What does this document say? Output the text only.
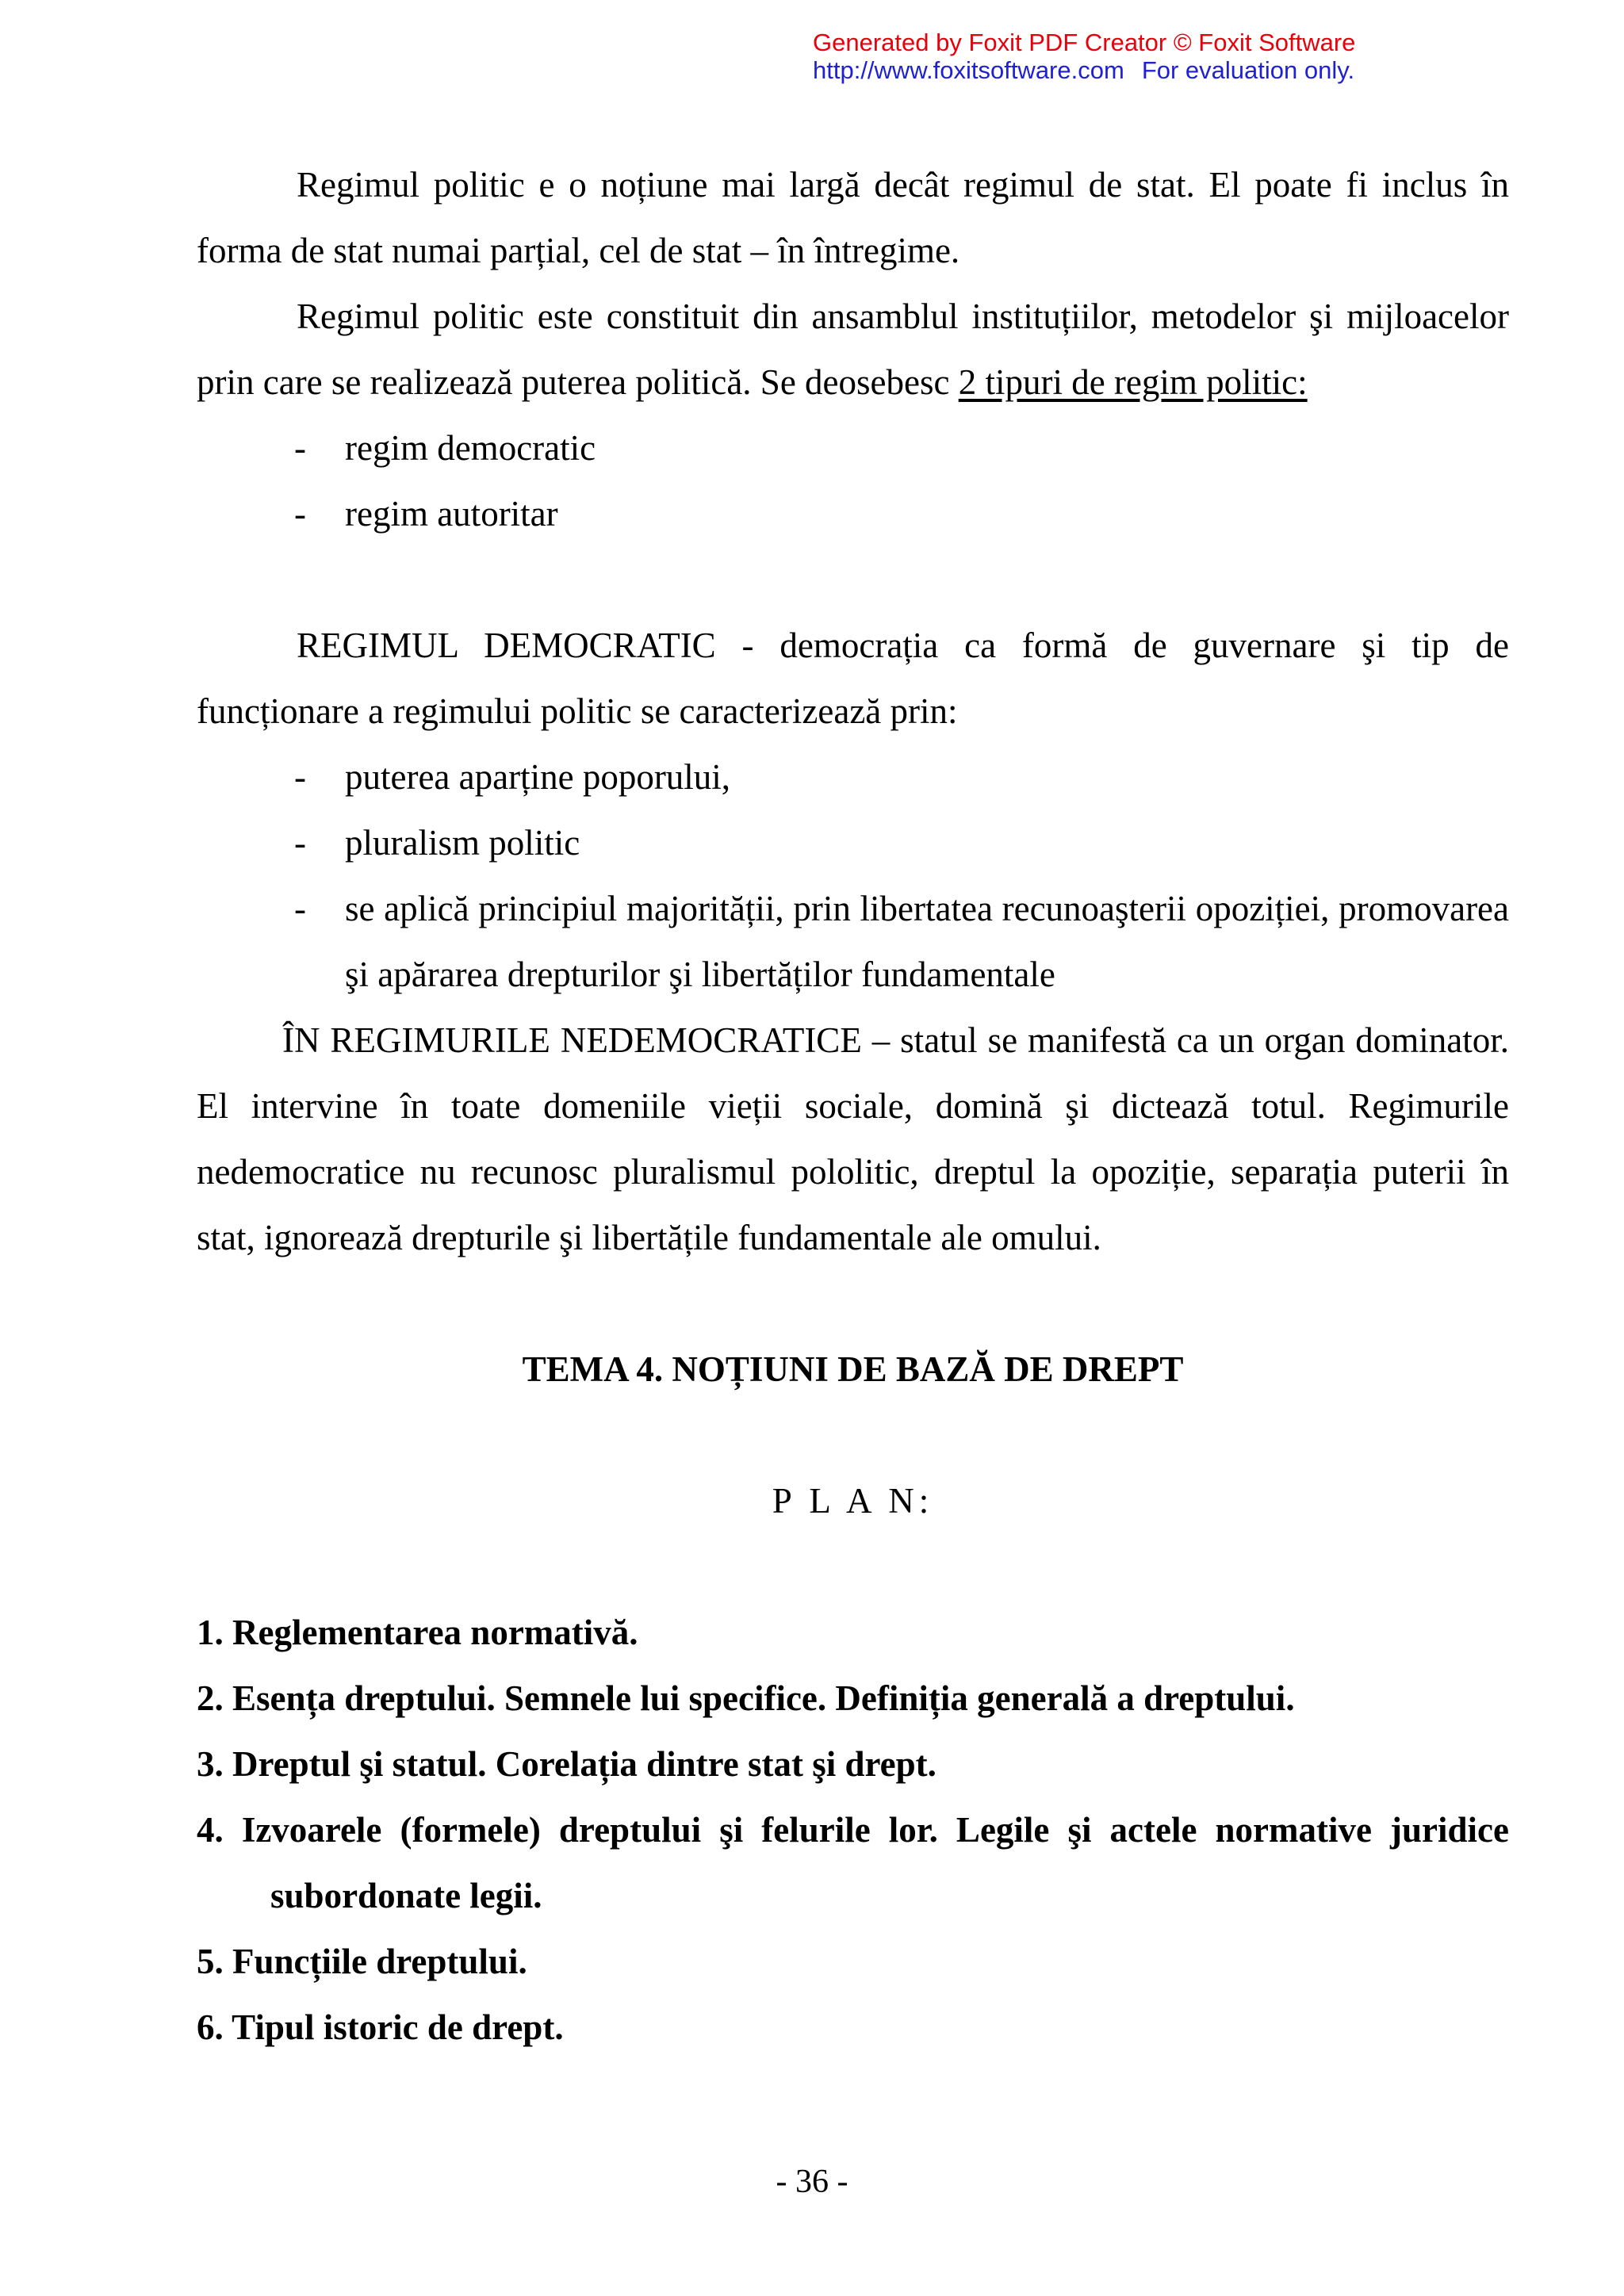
Generated by Foxit PDF Creator © Foxit Software
http://www.foxitsoftware.com For evaluation only.

Regimul politic e o noțiune mai largă decât regimul de stat. El poate fi inclus în forma de stat numai parțial, cel de stat – în întregime.

Regimul politic este constituit din ansamblul instituțiilor, metodelor şi mijloacelor prin care se realizează puterea politică. Se deosebesc 2 tipuri de regim politic:

- regim democratic
- regim autoritar

REGIMUL DEMOCRATIC - democrația ca formă de guvernare şi tip de funcționare a regimului politic se caracterizează prin:

- puterea aparține poporului,
- pluralism politic
- se aplică principiul majorității, prin libertatea recunoaşterii opoziției, promovarea şi apărarea drepturilor şi libertăților fundamentale

ÎN REGIMURILE NEDEMOCRATICE – statul se manifestă ca un organ dominator. El intervine în toate domeniile vieții sociale, domină şi dictează totul. Regimurile nedemocratice nu recunosc pluralismul pololitic, dreptul la opoziție, separația puterii în stat, ignorează drepturile şi libertățile fundamentale ale omului.

TEMA 4. NOȚIUNI DE BAZĂ DE DREPT

P L A N:

1. Reglementarea normativă.

2. Esența dreptului. Semnele lui specifice. Definiția generală a dreptului.

3. Dreptul şi statul. Corelația dintre stat şi drept.

4. Izvoarele (formele) dreptului şi felurile lor. Legile şi actele normative juridice
subordonate legii.

5. Funcțiile dreptului.

6. Tipul istoric de drept.

- 36 -
